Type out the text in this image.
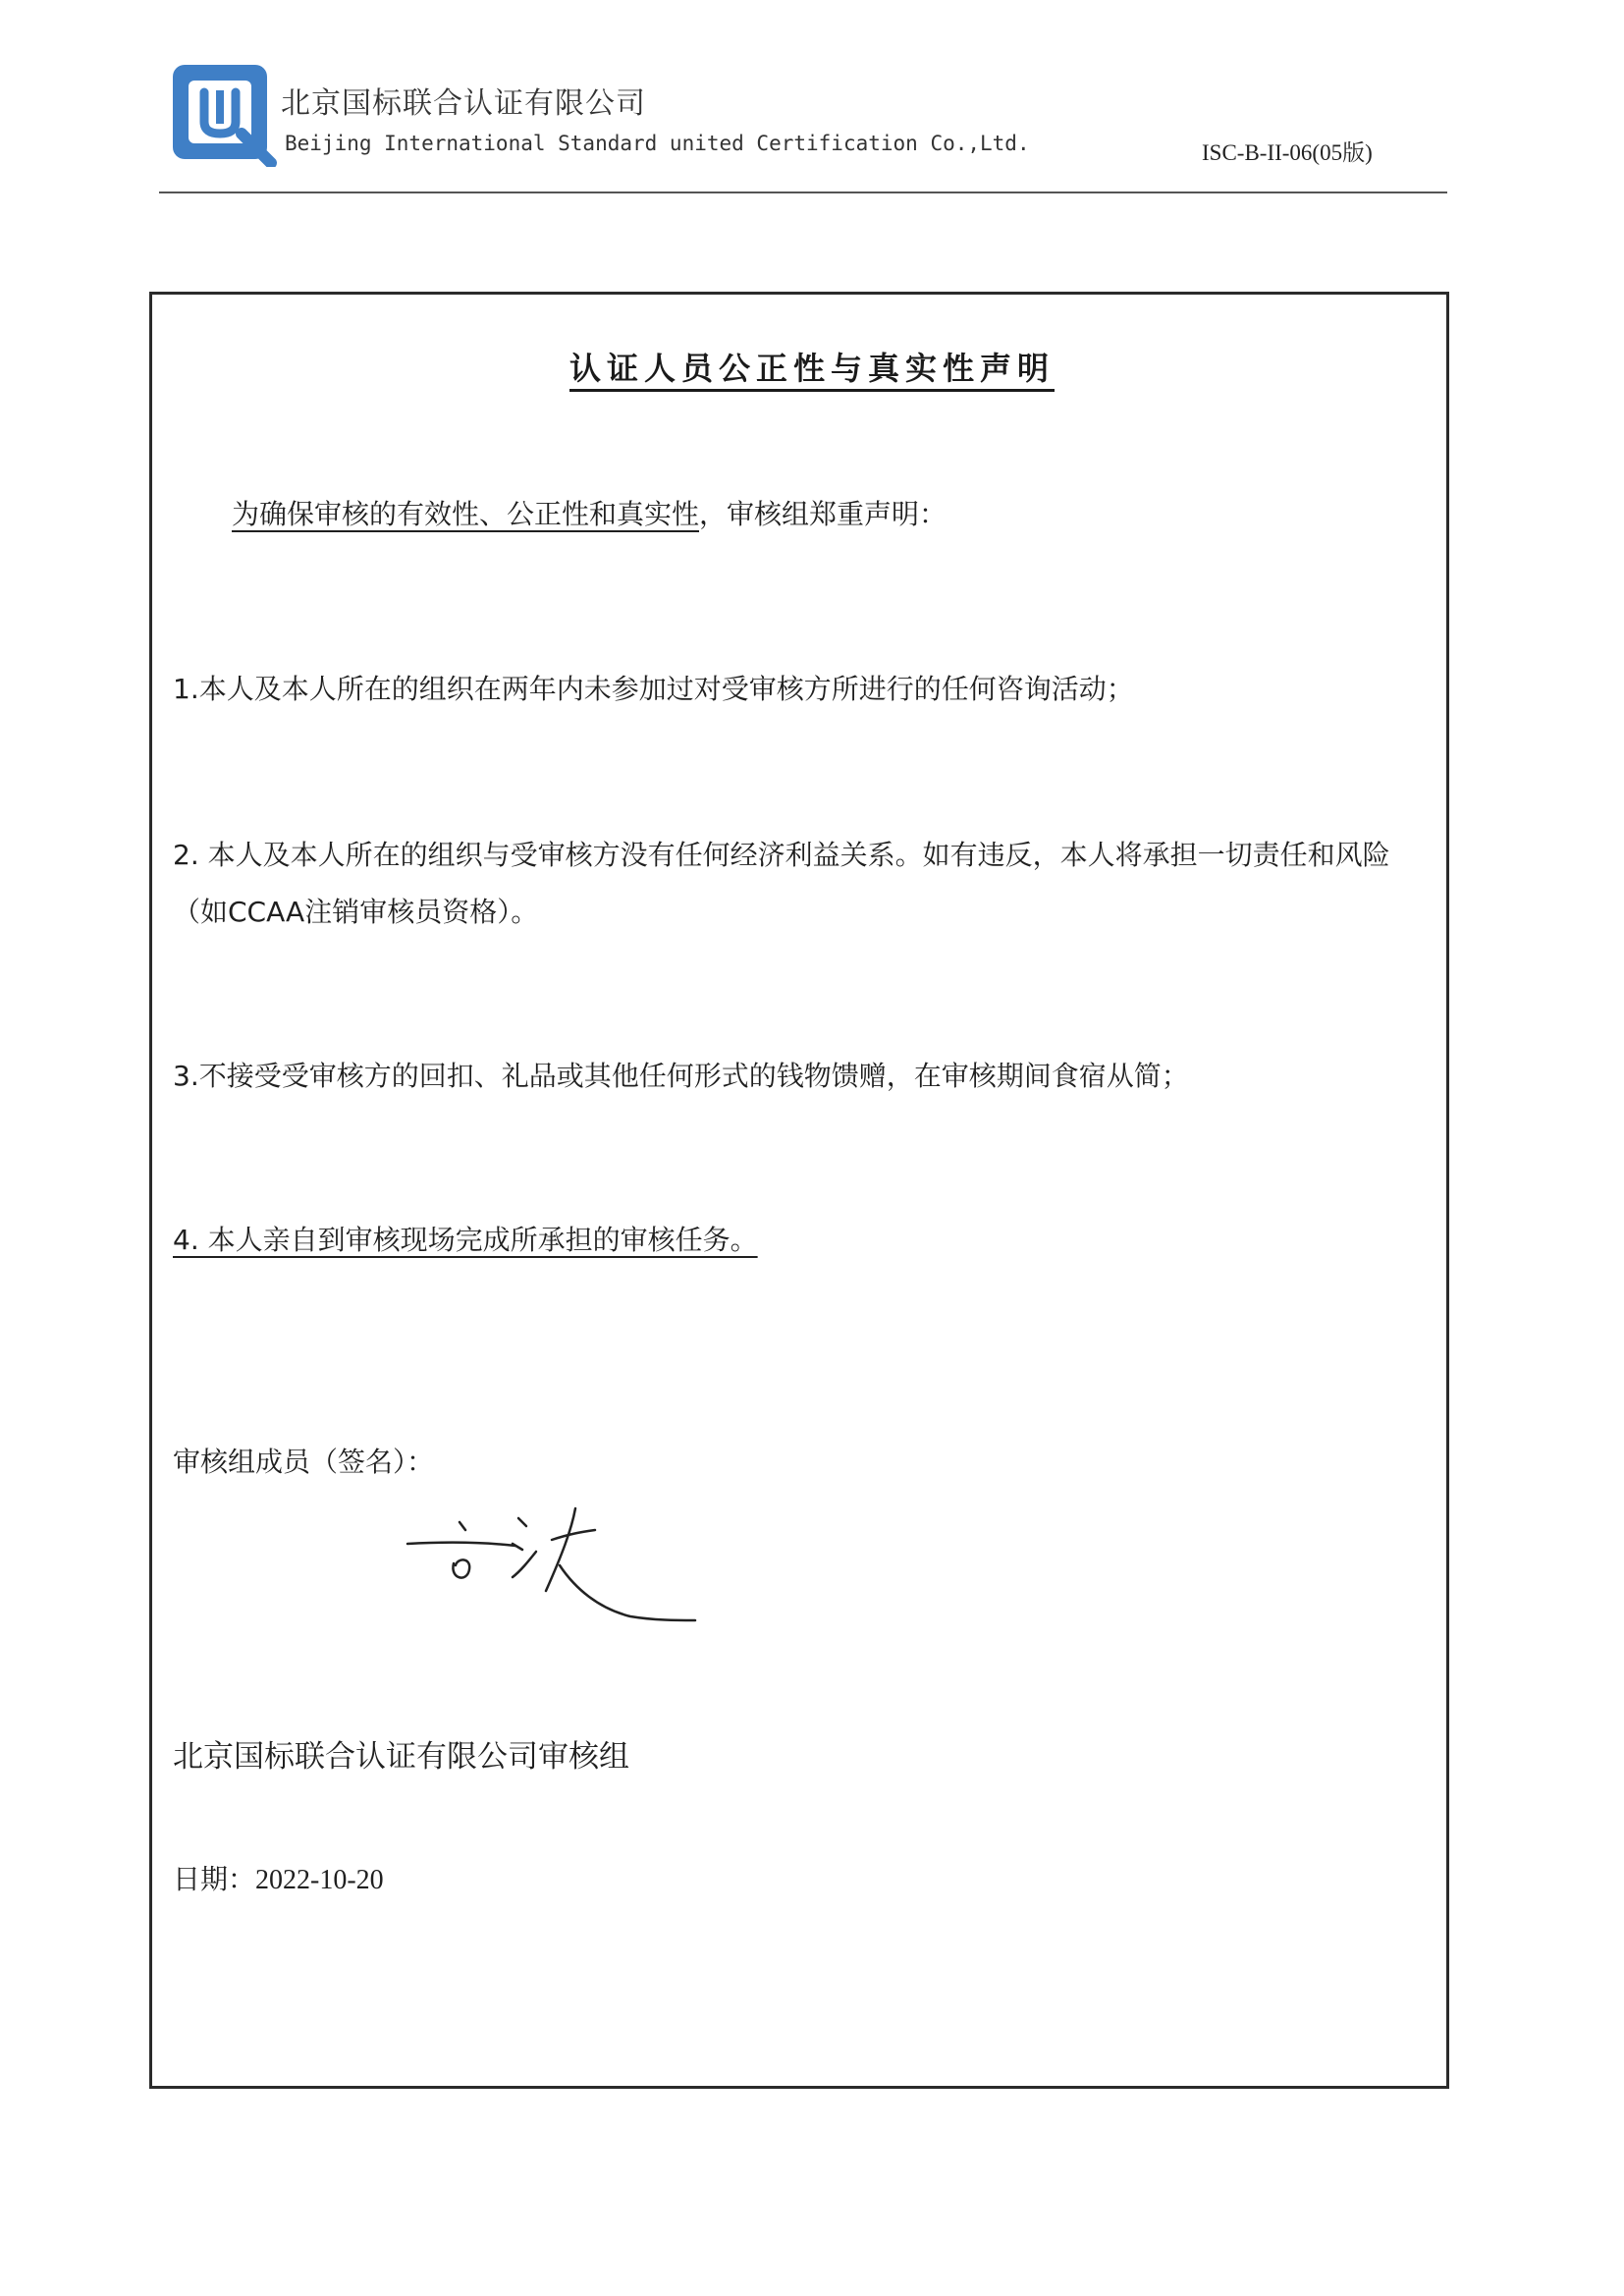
北京国标联合认证有限公司
Beijing International Standard united Certification Co.,Ltd.	ISC-B-II-06(05版)
认证人员公正性与真实性声明
为确保审核的有效性、公正性和真实性，审核组郑重声明：
1.本人及本人所在的组织在两年内未参加过对受审核方所进行的任何咨询活动；
2. 本人及本人所在的组织与受审核方没有任何经济利益关系。如有违反，本人将承担一切责任和风险（如CCAA注销审核员资格）。
3.不接受受审核方的回扣、礼品或其他任何形式的钱物馈赠，在审核期间食宿从简；
4. 本人亲自到审核现场完成所承担的审核任务。
审核组成员（签名）：
北京国标联合认证有限公司审核组
日期：2022-10-20
